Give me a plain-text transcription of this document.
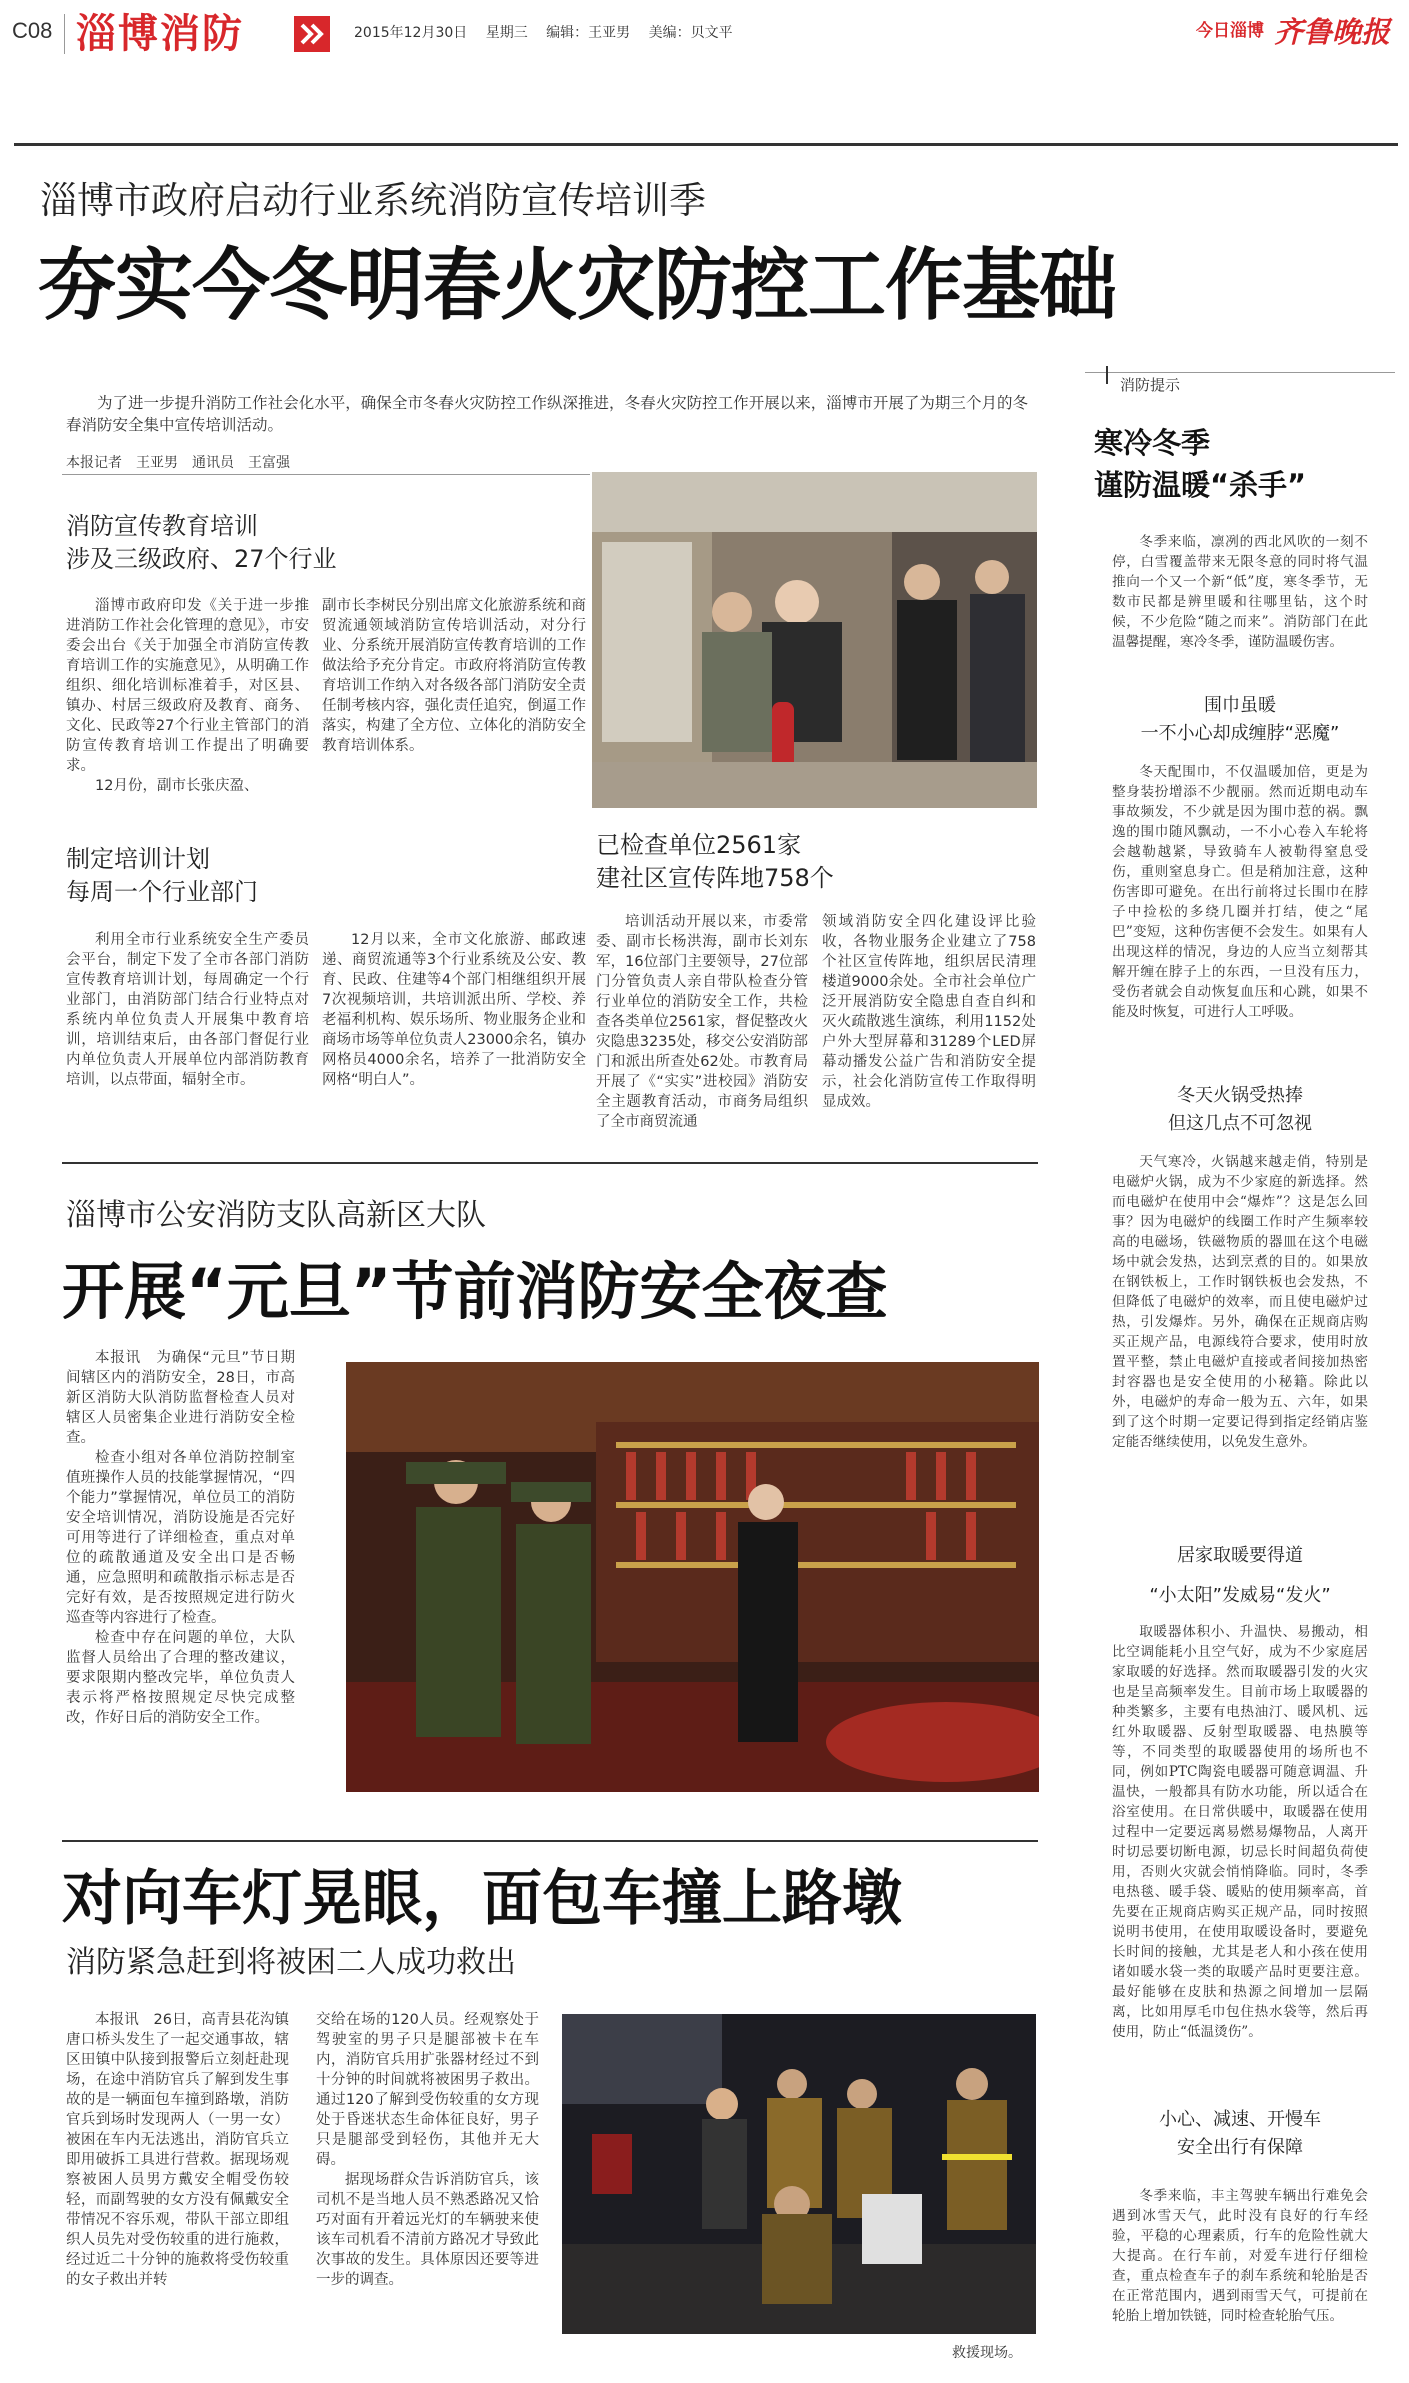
C08 淄博消防	2015年12月30日　 星期三　 编辑：王亚男　 美编：贝文平	今日淄博 齐鲁晚报
淄博市政府启动行业系统消防宣传培训季
夯实今冬明春火灾防控工作基础

为了进一步提升消防工作社会化水平，确保全市冬春火灾防控工作纵深推进，冬春火灾防控工作开展以来，淄博市开展了为期三个月的冬春消防安全集中宣传培训活动。

本报记者　王亚男　通讯员　王富强
消防宣传教育培训
涉及三级政府、27个行业

淄博市政府印发《关于进一步推进消防工作社会化管理的意见》，市安委会出台《关于加强全市消防宣传教育培训工作的实施意见》，从明确工作组织、细化培训标准着手，对区县、镇办、村居三级政府及教育、商务、文化、民政等27个行业主管部门的消防宣传教育培训工作提出了明确要求。

12月份，副市长张庆盈、

副市长李树民分别出席文化旅游系统和商贸流通领域消防宣传培训活动，对分行业、分系统开展消防宣传教育培训的工作做法给予充分肯定。市政府将消防宣传教育培训工作纳入对各级各部门消防安全责任制考核内容，强化责任追究，倒逼工作落实，构建了全方位、立体化的消防安全教育培训体系。

制定培训计划
每周一个行业部门

利用全市行业系统安全生产委员会平台，制定下发了全市各部门消防宣传教育培训计划，每周确定一个行业部门，由消防部门结合行业特点对系统内单位负责人开展集中教育培训，培训结束后，由各部门督促行业内单位负责人开展单位内部消防教育培训，以点带面，辐射全市。

12月以来，全市文化旅游、邮政速递、商贸流通等3个行业系统及公安、教育、民政、住建等4个部门相继组织开展7次视频培训，共培训派出所、学校、养老福利机构、娱乐场所、物业服务企业和商场市场等单位负责人23000余名，镇办网格员4000余名，培养了一批消防安全网格“明白人”。

已检查单位2561家
建社区宣传阵地758个

培训活动开展以来，市委常委、副市长杨洪海，副市长刘东军，16位部门主要领导，27位部门分管负责人亲自带队检查分管行业单位的消防安全工作，共检查各类单位2561家，督促整改火灾隐患3235处，移交公安消防部门和派出所查处62处。市教育局开展了《“实实”进校园》消防安全主题教育活动，市商务局组织了全市商贸流通

领域消防安全四化建设评比验收，各物业服务企业建立了758个社区宣传阵地，组织居民清理楼道9000余处。全市社会单位广泛开展消防安全隐患自查自纠和灭火疏散逃生演练，利用1152处户外大型屏幕和31289个LED屏幕动播发公益广告和消防安全提示，社会化消防宣传工作取得明显成效。

淄博市公安消防支队高新区大队
开展“元旦”节前消防安全夜查

本报讯　为确保“元旦”节日期间辖区内的消防安全，28日，市高新区消防大队消防监督检查人员对辖区人员密集企业进行消防安全检查。

检查小组对各单位消防控制室值班操作人员的技能掌握情况，“四个能力”掌握情况，单位员工的消防安全培训情况，消防设施是否完好可用等进行了详细检查，重点对单位的疏散通道及安全出口是否畅通，应急照明和疏散指示标志是否完好有效，是否按照规定进行防火巡查等内容进行了检查。

检查中存在问题的单位，大队监督人员给出了合理的整改建议，要求限期内整改完毕，单位负责人表示将严格按照规定尽快完成整改，作好日后的消防安全工作。

对向车灯晃眼，面包车撞上路墩
消防紧急赶到将被困二人成功救出

本报讯　26日，高青县花沟镇唐口桥头发生了一起交通事故，辖区田镇中队接到报警后立刻赶赴现场，在途中消防官兵了解到发生事故的是一辆面包车撞到路墩，消防官兵到场时发现两人（一男一女）被困在车内无法逃出，消防官兵立即用破拆工具进行营救。据现场观察被困人员男方戴安全帽受伤较轻，而副驾驶的女方没有佩戴安全带情况不容乐观，带队干部立即组织人员先对受伤较重的进行施救，经过近二十分钟的施救将受伤较重的女子救出并转

交给在场的120人员。经观察处于驾驶室的男子只是腿部被卡在车内，消防官兵用扩张器材经过不到十分钟的时间就将被困男子救出。通过120了解到受伤较重的女方现处于昏迷状态生命体征良好，男子只是腿部受到轻伤，其他并无大碍。

据现场群众告诉消防官兵，该司机不是当地人员不熟悉路况又恰巧对面有开着远光灯的车辆驶来使该车司机看不清前方路况才导致此次事故的发生。具体原因还要等进一步的调查。

救援现场。
消防提示
寒冷冬季
谨防温暖“杀手”

冬季来临，凛冽的西北风吹的一刻不停，白雪覆盖带来无限冬意的同时将气温推向一个又一个新“低”度，寒冬季节，无数市民都是辨里暖和往哪里钻，这个时候，不少危险“随之而来”。消防部门在此温馨提醒，寒冷冬季，谨防温暖伤害。

围巾虽暖
一不小心却成缠脖“恶魔”

冬天配围巾，不仅温暖加倍，更是为整身装扮增添不少靓丽。然而近期电动车事故频发，不少就是因为围巾惹的祸。飘逸的围巾随风飘动，一不小心卷入车轮将会越勒越紧，导致骑车人被勒得窒息受伤，重则窒息身亡。但是稍加注意，这种伤害即可避免。在出行前将过长围巾在脖子中捡松的多绕几圈并打结，使之“尾巴”变短，这种伤害便不会发生。如果有人出现这样的情况，身边的人应当立刻帮其解开缠在脖子上的东西，一旦没有压力，受伤者就会自动恢复血压和心跳，如果不能及时恢复，可进行人工呼吸。

冬天火锅受热捧
但这几点不可忽视

天气寒冷，火锅越来越走俏，特别是电磁炉火锅，成为不少家庭的新选择。然而电磁炉在使用中会“爆炸”？这是怎么回事？因为电磁炉的线圈工作时产生频率较高的电磁场，铁磁物质的器皿在这个电磁场中就会发热，达到烹煮的目的。如果放在钢铁板上，工作时钢铁板也会发热，不但降低了电磁炉的效率，而且使电磁炉过热，引发爆炸。另外，确保在正规商店购买正规产品，电源线符合要求，使用时放置平整，禁止电磁炉直接或者间接加热密封容器也是安全使用的小秘籍。除此以外，电磁炉的寿命一般为五、六年，如果到了这个时期一定要记得到指定经销店鉴定能否继续使用，以免发生意外。

居家取暖要得道
“小太阳”发威易“发火”

取暖器体积小、升温快、易搬动，相比空调能耗小且空气好，成为不少家庭居家取暖的好选择。然而取暖器引发的火灾也是呈高频率发生。目前市场上取暖器的种类繁多，主要有电热油汀、暖风机、远红外取暖器、反射型取暖器、电热膜等等，不同类型的取暖器使用的场所也不同，例如PTC陶瓷电暖器可随意调温、升温快，一般都具有防水功能，所以适合在浴室使用。在日常供暖中，取暖器在使用过程中一定要远离易燃易爆物品，人离开时切忌要切断电源，切忌长时间超负荷使用，否则火灾就会悄悄降临。同时，冬季电热毯、暖手袋、暖贴的使用频率高，首先要在正规商店购买正规产品，同时按照说明书使用，在使用取暖设备时，要避免长时间的接触，尤其是老人和小孩在使用诸如暖水袋一类的取暖产品时更要注意。最好能够在皮肤和热源之间增加一层隔离，比如用厚毛巾包住热水袋等，然后再使用，防止“低温烫伤”。

小心、减速、开慢车
安全出行有保障

冬季来临，丰主驾驶车辆出行难免会遇到冰雪天气，此时没有良好的行车经验，平稳的心理素质，行车的危险性就大大提高。在行车前，对爱车进行仔细检查，重点检查车子的刹车系统和轮胎是否在正常范围内，遇到雨雪天气，可提前在轮胎上增加铁链，同时检查轮胎气压。
